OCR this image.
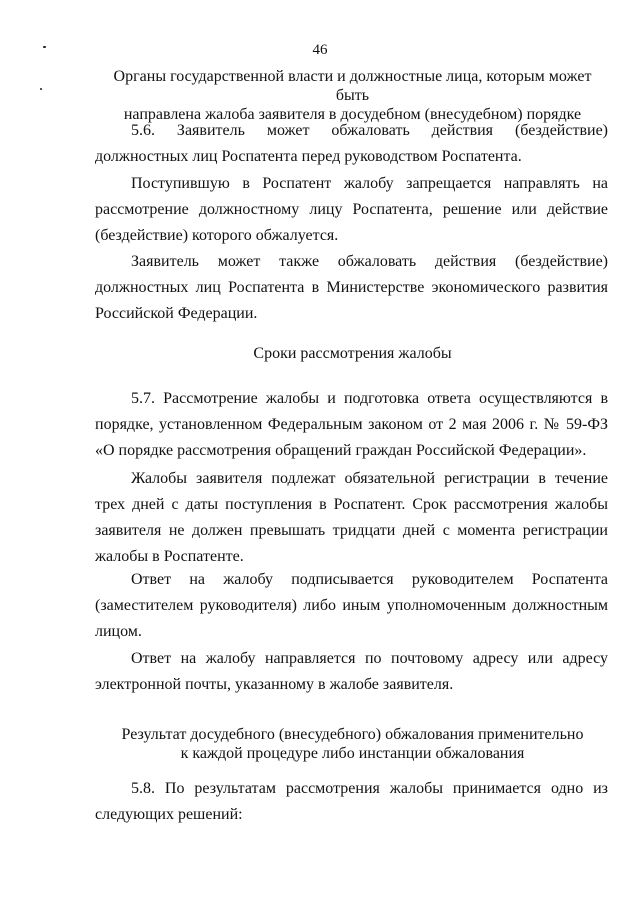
46
Органы государственной власти и должностные лица, которым может быть
направлена жалоба заявителя в досудебном (внесудебном) порядке

5.6. Заявитель может обжаловать действия (бездействие) должностных лиц Роспатента перед руководством Роспатента.

Поступившую в Роспатент жалобу запрещается направлять на рассмотрение должностному лицу Роспатента, решение или действие (бездействие) которого обжалуется.

Заявитель может также обжаловать действия (бездействие) должностных лиц Роспатента в Министерстве экономического развития Российской Федерации.

Сроки рассмотрения жалобы

5.7. Рассмотрение жалобы и подготовка ответа осуществляются в порядке, установленном Федеральным законом от 2 мая 2006 г. № 59-ФЗ «О порядке рассмотрения обращений граждан Российской Федерации».

Жалобы заявителя подлежат обязательной регистрации в течение трех дней с даты поступления в Роспатент. Срок рассмотрения жалобы заявителя не должен превышать тридцати дней с момента регистрации жалобы в Роспатенте.

Ответ на жалобу подписывается руководителем Роспатента (заместителем руководителя) либо иным уполномоченным должностным лицом.

Ответ на жалобу направляется по почтовому адресу или адресу электронной почты, указанному в жалобе заявителя.

Результат досудебного (внесудебного) обжалования применительно
к каждой процедуре либо инстанции обжалования

5.8. По результатам рассмотрения жалобы принимается одно из следующих решений:
